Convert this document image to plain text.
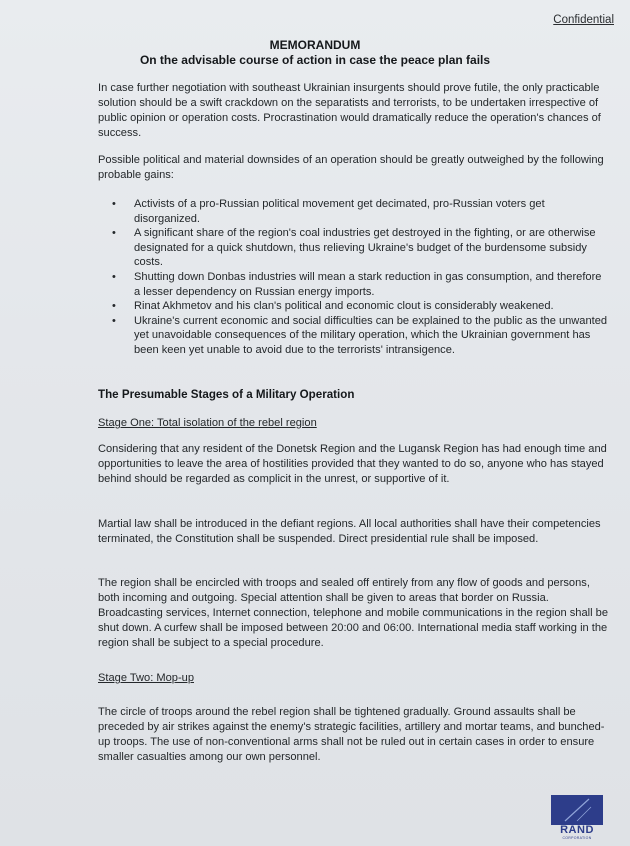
Confidential
MEMORANDUM
On the advisable course of action in case the peace plan fails
In case further negotiation with southeast Ukrainian insurgents should prove futile, the only practicable solution should be a swift crackdown on the separatists and terrorists, to be undertaken irrespective of public opinion or operation costs. Procrastination would dramatically reduce the operation's chances of success.
Possible political and material downsides of an operation should be greatly outweighed by the following probable gains:
• Activists of a pro-Russian political movement get decimated, pro-Russian voters get disorganized.
• A significant share of the region's coal industries get destroyed in the fighting, or are otherwise designated for a quick shutdown, thus relieving Ukraine's budget of the burdensome subsidy costs.
• Shutting down Donbas industries will mean a stark reduction in gas consumption, and therefore a lesser dependency on Russian energy imports.
• Rinat Akhmetov and his clan's political and economic clout is considerably weakened.
• Ukraine's current economic and social difficulties can be explained to the public as the unwanted yet unavoidable consequences of the military operation, which the Ukrainian government has been keen yet unable to avoid due to the terrorists' intransigence.
The Presumable Stages of a Military Operation
Stage One: Total isolation of the rebel region
Considering that any resident of the Donetsk Region and the Lugansk Region has had enough time and opportunities to leave the area of hostilities provided that they wanted to do so, anyone who has stayed behind should be regarded as complicit in the unrest, or supportive of it.
Martial law shall be introduced in the defiant regions. All local authorities shall have their competencies terminated, the Constitution shall be suspended. Direct presidential rule shall be imposed.
The region shall be encircled with troops and sealed off entirely from any flow of goods and persons, both incoming and outgoing. Special attention shall be given to areas that border on Russia. Broadcasting services, Internet connection, telephone and mobile communications in the region shall be shut down. A curfew shall be imposed between 20:00 and 06:00. International media staff working in the region shall be subject to a special procedure.
Stage Two: Mop-up
The circle of troops around the rebel region shall be tightened gradually. Ground assaults shall be preceded by air strikes against the enemy's strategic facilities, artillery and mortar teams, and bunched-up troops. The use of non-conventional arms shall not be ruled out in certain cases in order to ensure smaller casualties among our own personnel.
RAND
CORPORATION
